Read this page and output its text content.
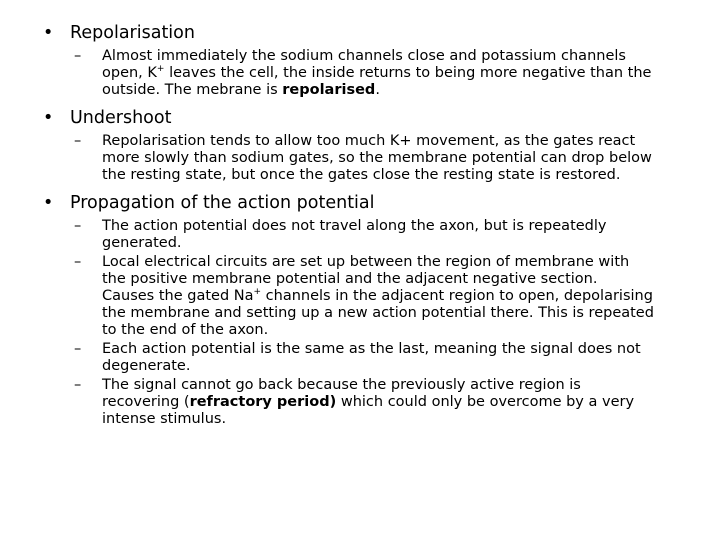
• Repolarisation
– Almost immediately the sodium channels close and potassium channels open, K+ leaves the cell, the inside returns to being more negative than the outside. The mebrane is repolarised.
• Undershoot
– Repolarisation tends to allow too much K+ movement, as the gates react more slowly than sodium gates, so the membrane potential can drop below the resting state, but once the gates close the resting state is restored.
• Propagation of the action potential
– The action potential does not travel along the axon, but is repeatedly generated.
– Local electrical circuits are set up between the region of membrane with the positive membrane potential and the adjacent negative section. Causes the gated Na+ channels in the adjacent region to open, depolarising the membrane and setting up a new action potential there. This is repeated to the end of the axon.
– Each action potential is the same as the last, meaning the signal does not degenerate.
– The signal cannot go back because the previously active region is recovering (refractory period) which could only be overcome by a very intense stimulus.
